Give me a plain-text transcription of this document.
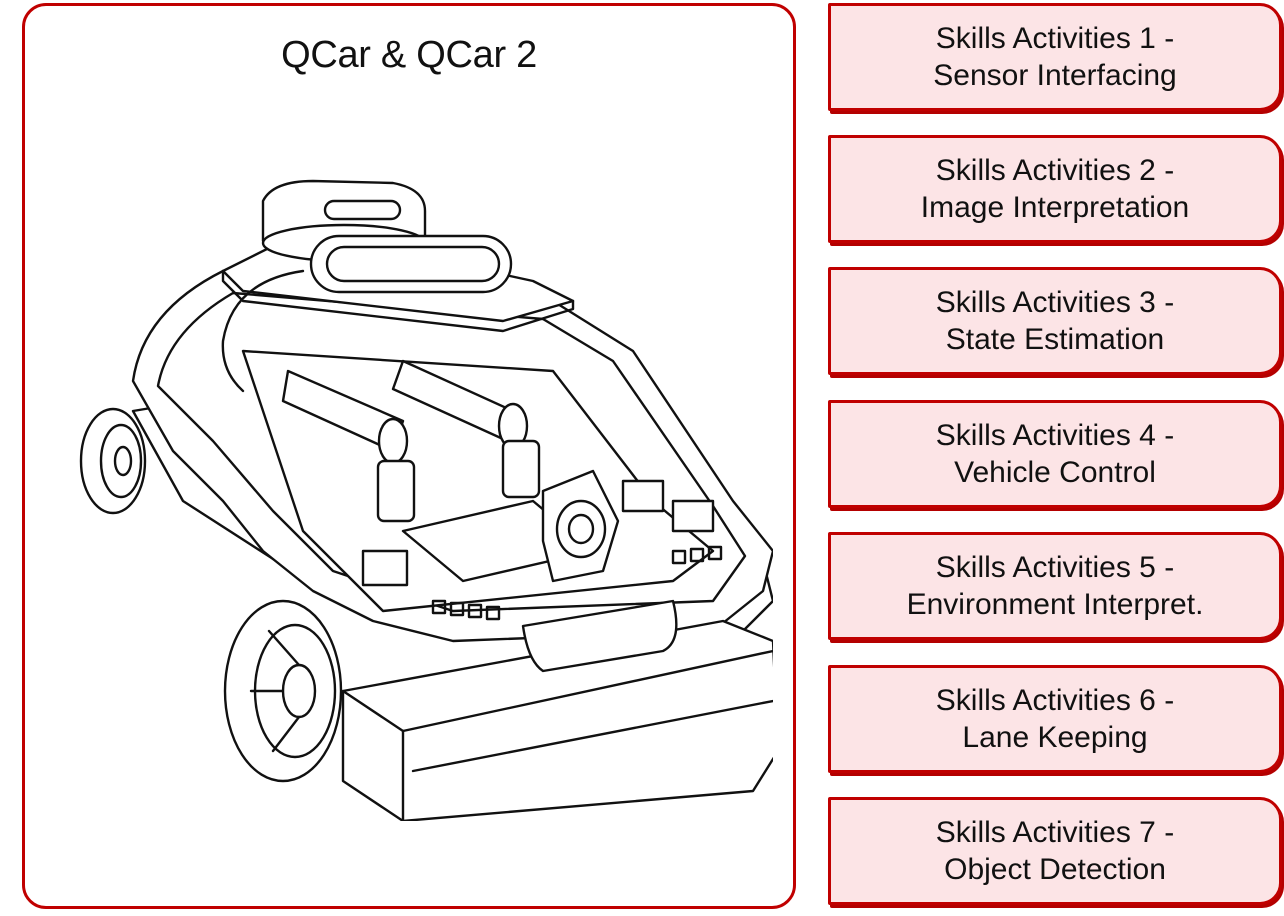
QCar & QCar 2	Skills Activities 1 -
Sensor Interfacing
Skills Activities 2 -
Image Interpretation
Skills Activities 3 -
State Estimation
Skills Activities 4 -
Vehicle Control
Skills Activities 5 -
Environment Interpret.
Skills Activities 6 -
Lane Keeping
Skills Activities 7 -
Object Detection
